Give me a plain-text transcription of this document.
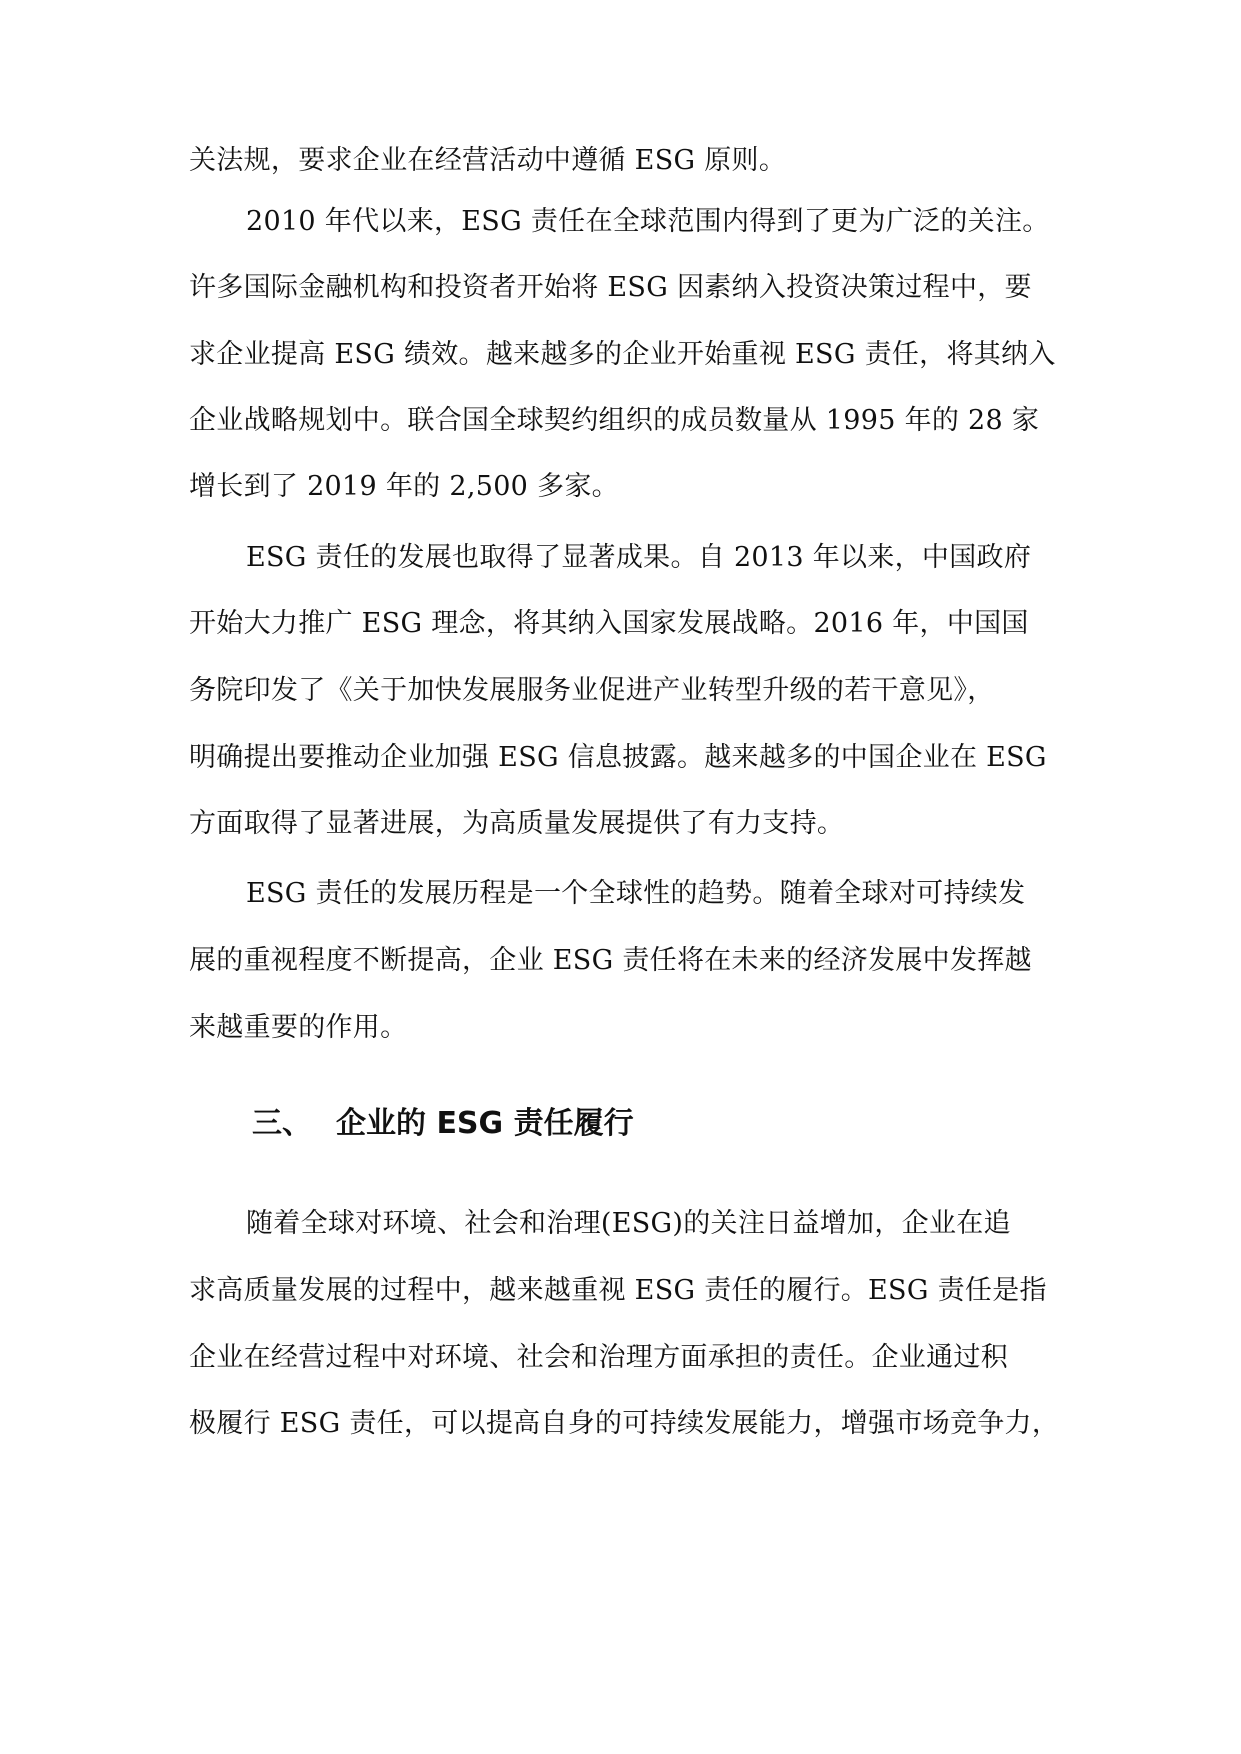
关法规，要求企业在经营活动中遵循 ESG 原则。
2010 年代以来，ESG 责任在全球范围内得到了更为广泛的关注。
许多国际金融机构和投资者开始将 ESG 因素纳入投资决策过程中，要
求企业提高 ESG 绩效。越来越多的企业开始重视 ESG 责任，将其纳入
企业战略规划中。联合国全球契约组织的成员数量从 1995 年的 28 家
增长到了 2019 年的 2,500 多家。
ESG 责任的发展也取得了显著成果。自 2013 年以来，中国政府
开始大力推广 ESG 理念，将其纳入国家发展战略。2016 年，中国国
务院印发了《关于加快发展服务业促进产业转型升级的若干意见》，
明确提出要推动企业加强 ESG 信息披露。越来越多的中国企业在 ESG
方面取得了显著进展，为高质量发展提供了有力支持。
ESG 责任的发展历程是一个全球性的趋势。随着全球对可持续发
展的重视程度不断提高，企业 ESG 责任将在未来的经济发展中发挥越
来越重要的作用。
三、 企业的 ESG 责任履行
随着全球对环境、社会和治理(ESG)的关注日益增加，企业在追
求高质量发展的过程中，越来越重视 ESG 责任的履行。ESG 责任是指
企业在经营过程中对环境、社会和治理方面承担的责任。企业通过积
极履行 ESG 责任，可以提高自身的可持续发展能力，增强市场竞争力，
